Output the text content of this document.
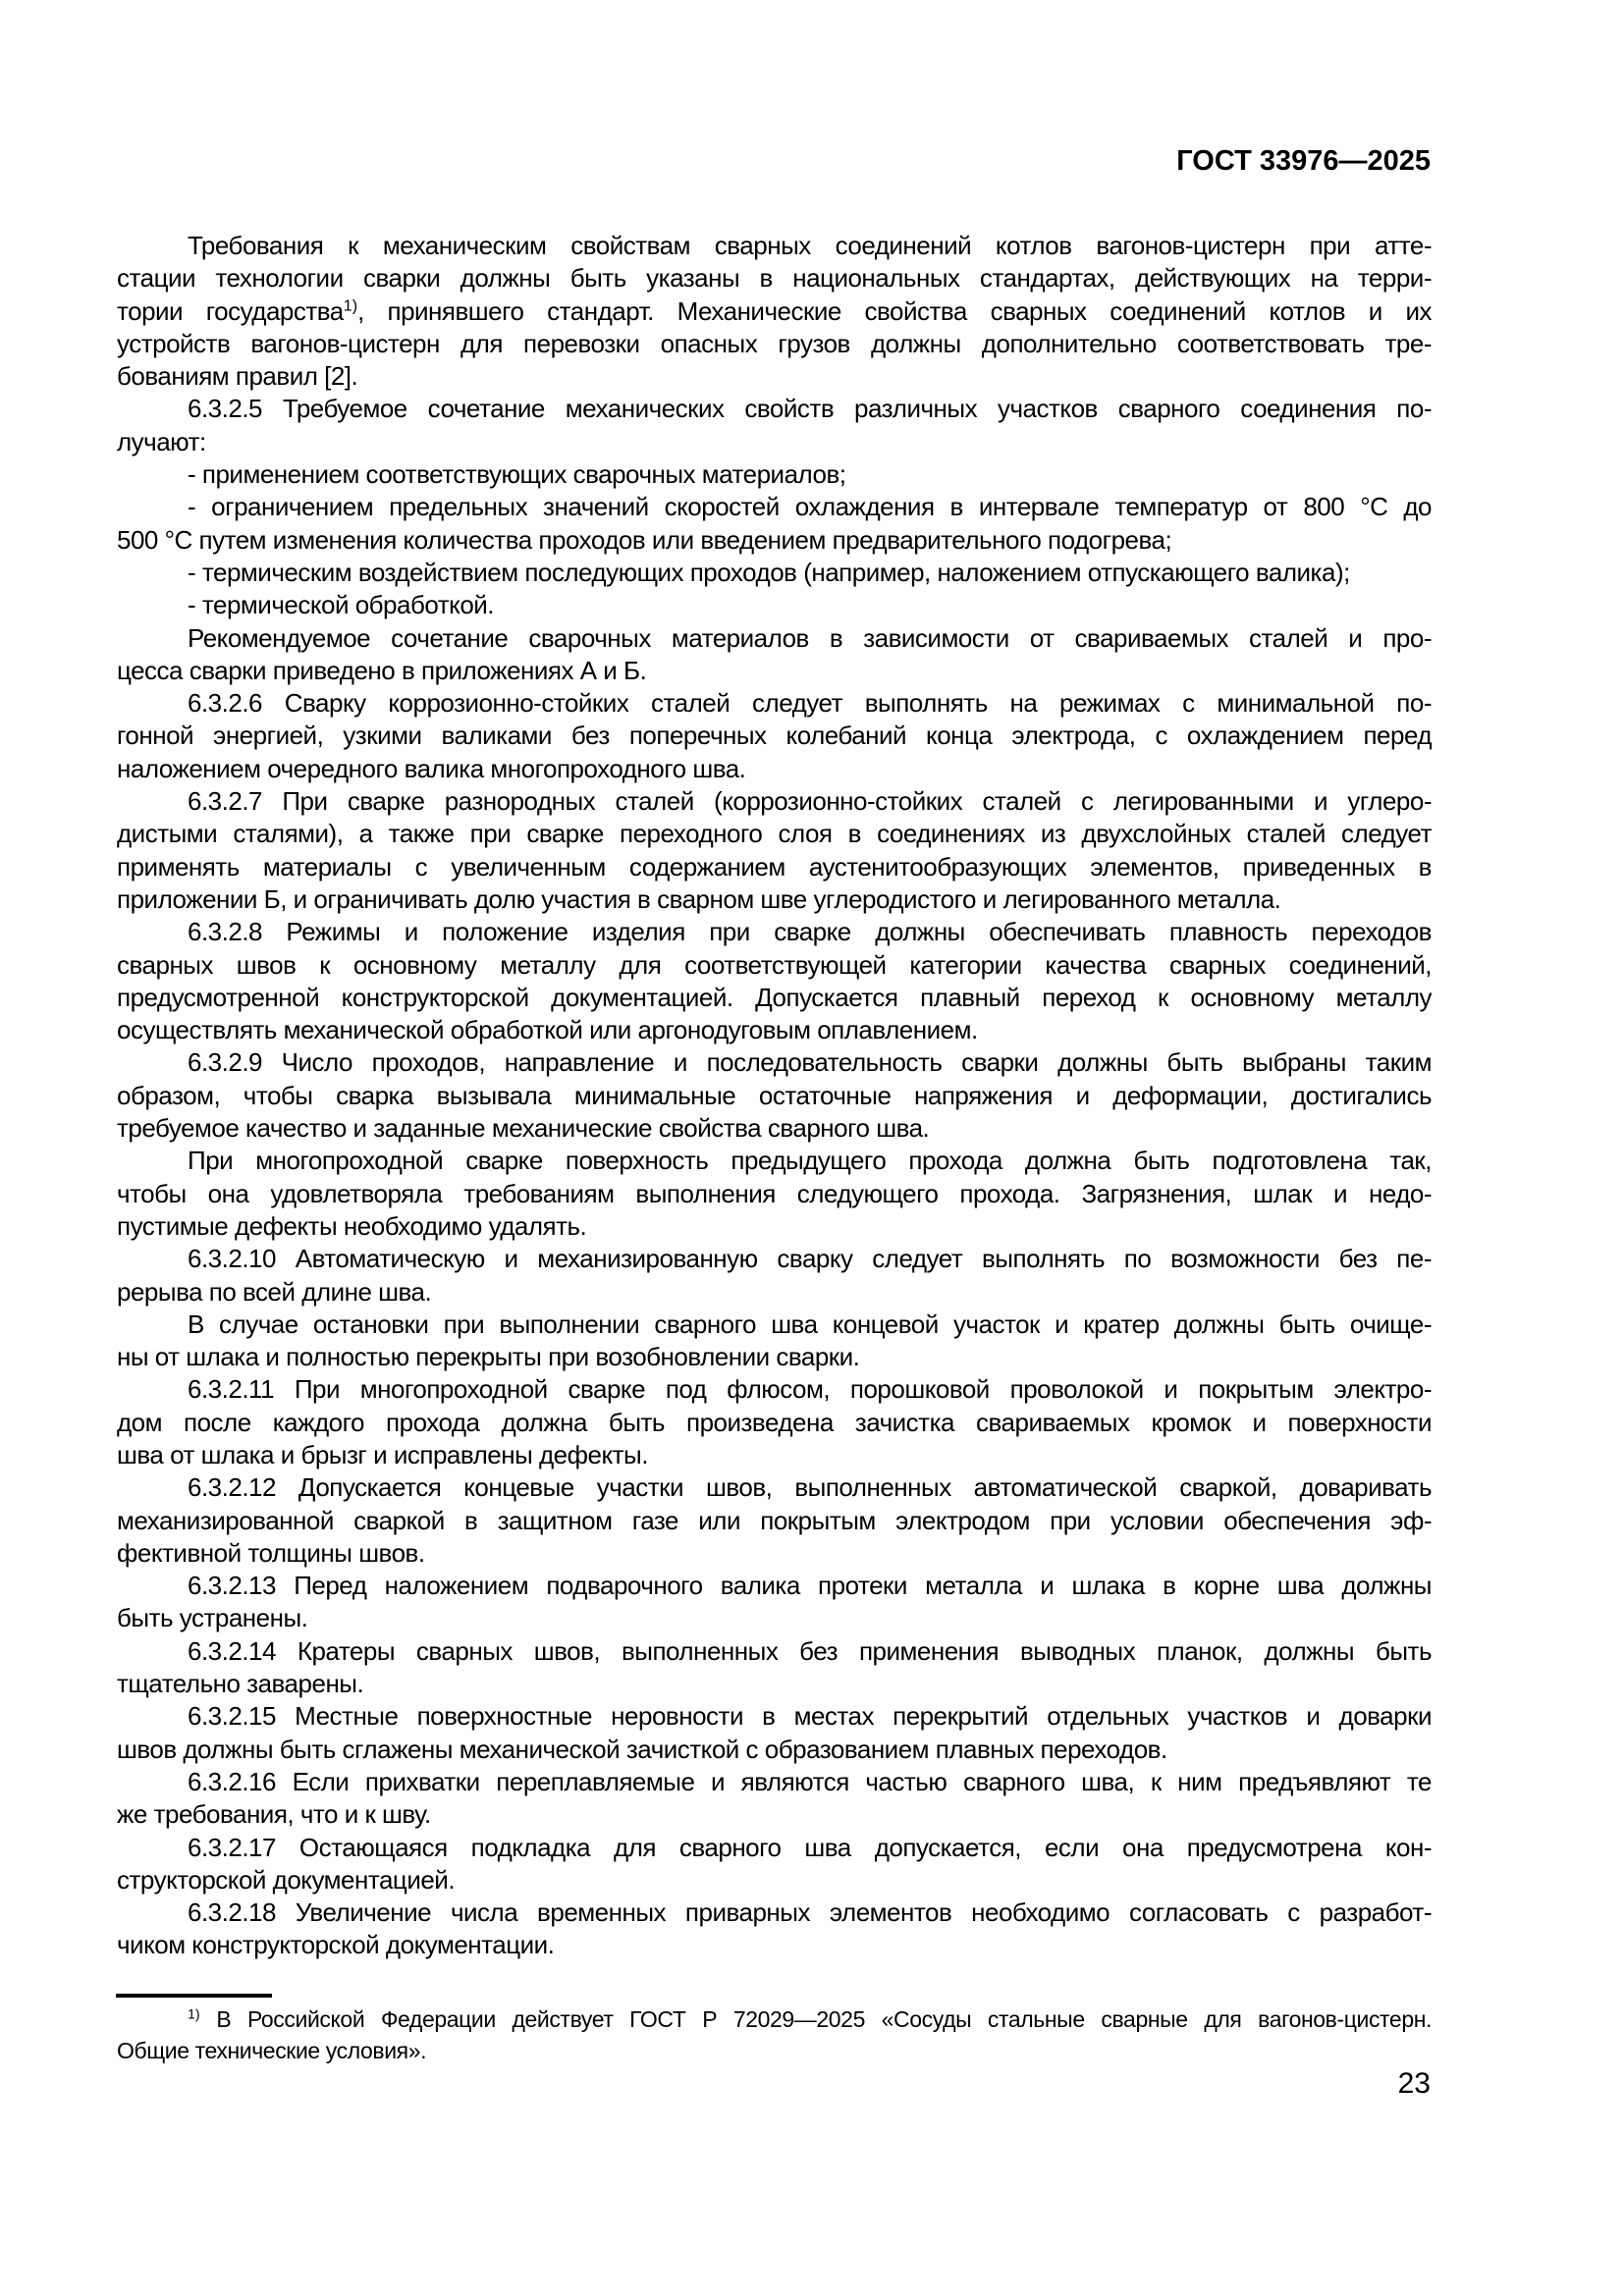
ГОСТ 33976—2025
Требования к механическим свойствам сварных соединений котлов вагонов-цистерн при атте-
стации технологии сварки должны быть указаны в национальных стандартах, действующих на терри-
тории государства$^{1)}$, принявшего стандарт. Механические свойства сварных соединений котлов и их
устройств вагонов-цистерн для перевозки опасных грузов должны дополнительно соответствовать тре-
бованиям правил [2].
6.3.2.5 Требуемое сочетание механических свойств различных участков сварного соединения по-
лучают:
- применением соответствующих сварочных материалов;
- ограничением предельных значений скоростей охлаждения в интервале температур от 800 °С до
500 °С путем изменения количества проходов или введением предварительного подогрева;
- термическим воздействием последующих проходов (например, наложением отпускающего валика);
- термической обработкой.
Рекомендуемое сочетание сварочных материалов в зависимости от свариваемых сталей и про-
цесса сварки приведено в приложениях А и Б.
6.3.2.6 Сварку коррозионно-стойких сталей следует выполнять на режимах с минимальной по-
гонной энергией, узкими валиками без поперечных колебаний конца электрода, с охлаждением перед
наложением очередного валика многопроходного шва.
6.3.2.7 При сварке разнородных сталей (коррозионно-стойких сталей с легированными и углеро-
дистыми сталями), а также при сварке переходного слоя в соединениях из двухслойных сталей следует
применять материалы с увеличенным содержанием аустенитообразующих элементов, приведенных в
приложении Б, и ограничивать долю участия в сварном шве углеродистого и легированного металла.
6.3.2.8 Режимы и положение изделия при сварке должны обеспечивать плавность переходов
сварных швов к основному металлу для соответствующей категории качества сварных соединений,
предусмотренной конструкторской документацией. Допускается плавный переход к основному металлу
осуществлять механической обработкой или аргонодуговым оплавлением.
6.3.2.9 Число проходов, направление и последовательность сварки должны быть выбраны таким
образом, чтобы сварка вызывала минимальные остаточные напряжения и деформации, достигались
требуемое качество и заданные механические свойства сварного шва.
При многопроходной сварке поверхность предыдущего прохода должна быть подготовлена так,
чтобы она удовлетворяла требованиям выполнения следующего прохода. Загрязнения, шлак и недо-
пустимые дефекты необходимо удалять.
6.3.2.10 Автоматическую и механизированную сварку следует выполнять по возможности без пе-
рерыва по всей длине шва.
В случае остановки при выполнении сварного шва концевой участок и кратер должны быть очище-
ны от шлака и полностью перекрыты при возобновлении сварки.
6.3.2.11 При многопроходной сварке под флюсом, порошковой проволокой и покрытым электро-
дом после каждого прохода должна быть произведена зачистка свариваемых кромок и поверхности
шва от шлака и брызг и исправлены дефекты.
6.3.2.12 Допускается концевые участки швов, выполненных автоматической сваркой, доваривать
механизированной сваркой в защитном газе или покрытым электродом при условии обеспечения эф-
фективной толщины швов.
6.3.2.13 Перед наложением подварочного валика протеки металла и шлака в корне шва должны
быть устранены.
6.3.2.14 Кратеры сварных швов, выполненных без применения выводных планок, должны быть
тщательно заварены.
6.3.2.15 Местные поверхностные неровности в местах перекрытий отдельных участков и доварки
швов должны быть сглажены механической зачисткой с образованием плавных переходов.
6.3.2.16 Если прихватки переплавляемые и являются частью сварного шва, к ним предъявляют те
же требования, что и к шву.
6.3.2.17 Остающаяся подкладка для сварного шва допускается, если она предусмотрена кон-
структорской документацией.
6.3.2.18 Увеличение числа временных приварных элементов необходимо согласовать с разработ-
чиком конструкторской документации.
$^{1)}$ В Российской Федерации действует ГОСТ Р 72029—2025 «Сосуды стальные сварные для вагонов-цистерн.
Общие технические условия».
23
